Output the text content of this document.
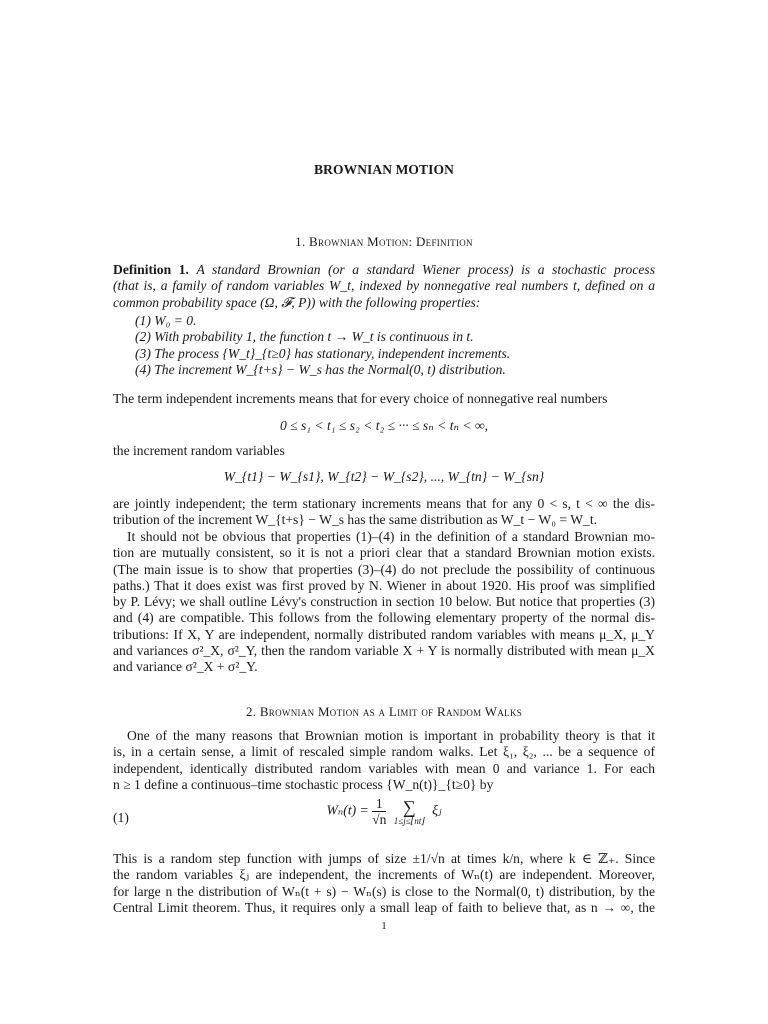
BROWNIAN MOTION
1. Brownian Motion: Definition
Definition 1. A standard Brownian (or a standard Wiener process) is a stochastic process
(that is, a family of random variables W_t, indexed by nonnegative real numbers t, defined on a
common probability space (Ω, 𝓕, P)) with the following properties:
(1) W₀ = 0.
(2) With probability 1, the function t → W_t is continuous in t.
(3) The process {W_t}_{t≥0} has stationary, independent increments.
(4) The increment W_{t+s} − W_s has the Normal(0, t) distribution.
The term independent increments means that for every choice of nonnegative real numbers
0 ≤ s₁ < t₁ ≤ s₂ < t₂ ≤ ··· ≤ sₙ < tₙ < ∞,
the increment random variables
W_{t1} − W_{s1}, W_{t2} − W_{s2}, ..., W_{tn} − W_{sn}
are jointly independent; the term stationary increments means that for any 0 < s, t < ∞ the dis-
tribution of the increment W_{t+s} − W_s has the same distribution as W_t − W₀ = W_t.
It should not be obvious that properties (1)–(4) in the definition of a standard Brownian mo-
tion are mutually consistent, so it is not a priori clear that a standard Brownian motion exists.
(The main issue is to show that properties (3)–(4) do not preclude the possibility of continuous
paths.) That it does exist was first proved by N. Wiener in about 1920. His proof was simplified
by P. Lévy; we shall outline Lévy's construction in section 10 below. But notice that properties (3)
and (4) are compatible. This follows from the following elementary property of the normal dis-
tributions: If X, Y are independent, normally distributed random variables with means μ_X, μ_Y
and variances σ²_X, σ²_Y, then the random variable X + Y is normally distributed with mean μ_X
and variance σ²_X + σ²_Y.
2. Brownian Motion as a Limit of Random Walks
One of the many reasons that Brownian motion is important in probability theory is that it
is, in a certain sense, a limit of rescaled simple random walks. Let ξ₁, ξ₂, ... be a sequence of
independent, identically distributed random variables with mean 0 and variance 1. For each
n ≥ 1 define a continuous–time stochastic process {W_n(t)}_{t≥0} by
(1)	$W_n(t) = \frac{1}{√n}$
∑
1≤j≤⌊nt⌋
ξⱼ
This is a random step function with jumps of size ±1/√n at times k/n, where k ∈ ℤ₊. Since
the random variables ξⱼ are independent, the increments of Wₙ(t) are independent. Moreover,
for large n the distribution of Wₙ(t + s) − Wₙ(s) is close to the Normal(0, t) distribution, by the
Central Limit theorem. Thus, it requires only a small leap of faith to believe that, as n → ∞, the
1
